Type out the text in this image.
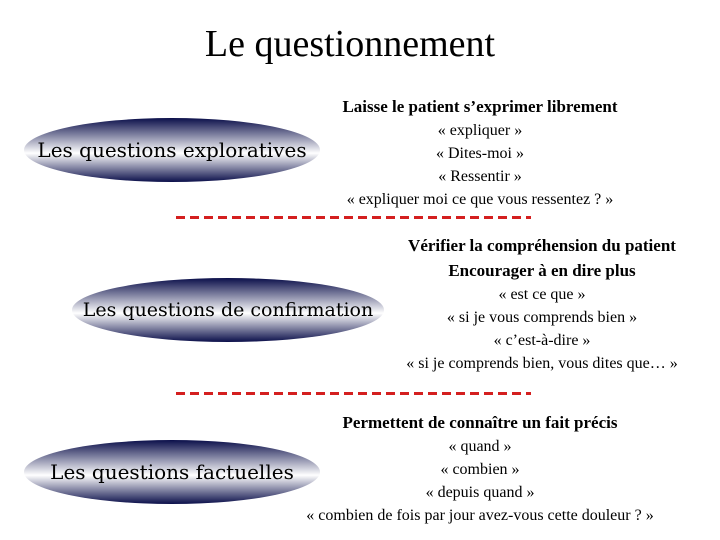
Le questionnement
Les questions exploratives
Laisse le patient s’exprimer librement
« expliquer »
« Dites-moi »
« Ressentir »
« expliquer moi ce que vous ressentez ? »
Les questions de confirmation
Vérifier la compréhension du patient
Encourager à en dire plus
« est ce que »
« si je vous comprends bien »
« c’est-à-dire »
« si je comprends bien, vous dites que… »
Les questions factuelles
Permettent de connaître un fait précis
« quand »
« combien »
« depuis quand »
« combien de fois par jour avez-vous cette douleur ? »
